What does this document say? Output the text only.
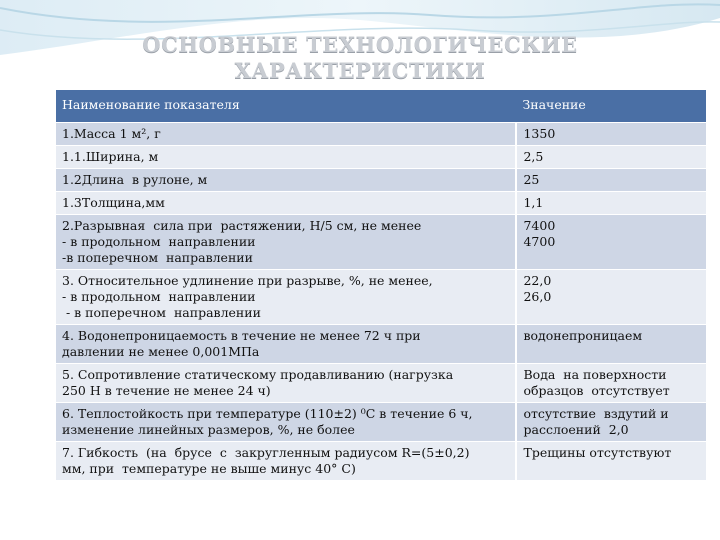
ОСНОВНЫЕ ТЕХНОЛОГИЧЕСКИЕ
ХАРАКТЕРИСТИКИ
Наименование показателя	Значение

1.Масса 1 м², г	1350

1.1.Ширина, м	2,5

1.2Длина  в рулоне, м	25

1.3Толщина,мм	1,1

2.Разрывная  сила при  растяжении, Н/5 см, не менее
- в продольном  направлении
-в поперечном  направлении	7400
4700

3. Относительное удлинение при разрыве, %, не менее,
- в продольном  направлении
- в поперечном  направлении	22,0
26,0

4. Водонепроницаемость в течение не менее 72 ч при
давлении не менее 0,001МПа	водонепроницаем

5. Сопротивление статическому продавливанию (нагрузка
250 Н в течение не менее 24 ч)	Вода  на поверхности
образцов  отсутствует

6. Теплостойкость при температуре (110±2) ⁰С в течение 6 ч,
изменение линейных размеров, %, не более	отсутствие  вздутий и
расслоений  2,0

7. Гибкость  (на  брусе  с  закругленным радиусом R=(5±0,2)
мм, при  температуре не выше минус 40° С)	Трещины отсутствуют
